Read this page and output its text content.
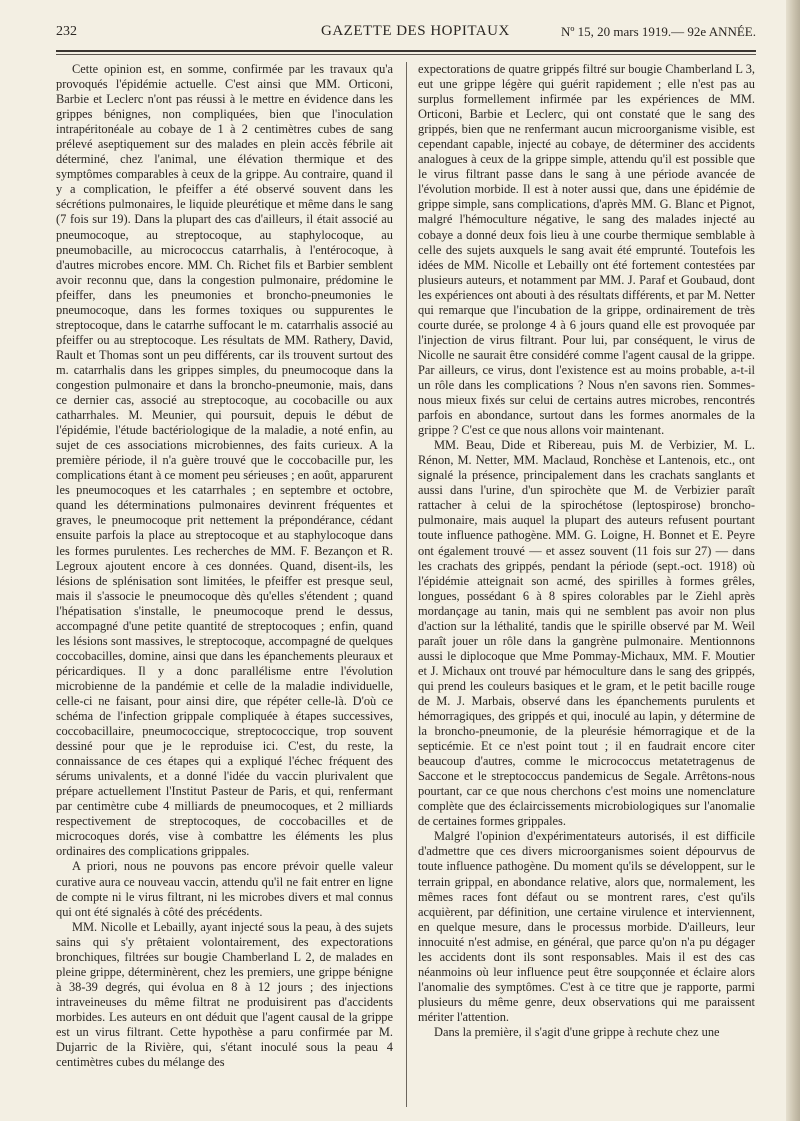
232	GAZETTE DES HOPITAUX	Nº 15, 20 mars 1919.— 92e ANNÉE.

Cette opinion est, en somme, confirmée par les travaux qu'a provoqués l'épidémie actuelle. C'est ainsi que MM. Orticoni, Barbie et Leclerc n'ont pas réussi à le mettre en évidence dans les grippes bénignes, non compliquées, bien que l'inoculation intrapéritonéale au cobaye de 1 à 2 centimètres cubes de sang prélevé aseptiquement sur des malades en plein accès fébrile ait déterminé, chez l'animal, une élévation thermique et des symptômes comparables à ceux de la grippe. Au contraire, quand il y a complication, le pfeiffer a été observé souvent dans les sécrétions pulmonaires, le liquide pleurétique et même dans le sang (7 fois sur 19). Dans la plupart des cas d'ailleurs, il était associé au pneumocoque, au streptocoque, au staphylocoque, au pneumobacille, au micrococcus catarrhalis, à l'entérocoque, à d'autres microbes encore. MM. Ch. Richet fils et Barbier semblent avoir reconnu que, dans la congestion pulmonaire, prédomine le pfeiffer, dans les pneumonies et broncho-pneumonies le pneumocoque, dans les formes toxiques ou suppurentes le streptocoque, dans le catarrhe suffocant le m. catarrhalis associé au pfeiffer ou au streptocoque. Les résultats de MM. Rathery, David, Rault et Thomas sont un peu différents, car ils trouvent surtout des m. catarrhalis dans les grippes simples, du pneumocoque dans la congestion pulmonaire et dans la broncho-pneumonie, mais, dans ce dernier cas, associé au streptocoque, au cocobacille ou aux catharrhales. M. Meunier, qui poursuit, depuis le début de l'épidémie, l'étude bactériologique de la maladie, a noté enfin, au sujet de ces associations microbiennes, des faits curieux. A la première période, il n'a guère trouvé que le coccobacille pur, les complications étant à ce moment peu sérieuses ; en août, apparurent les pneumocoques et les catarrhales ; en septembre et octobre, quand les déterminations pulmonaires devinrent fréquentes et graves, le pneumocoque prit nettement la prépondérance, cédant ensuite parfois la place au streptocoque et au staphylocoque dans les formes purulentes. Les recherches de MM. F. Bezançon et R. Legroux ajoutent encore à ces données. Quand, disent-ils, les lésions de splénisation sont limitées, le pfeiffer est presque seul, mais il s'associe le pneumocoque dès qu'elles s'étendent ; quand l'hépatisation s'installe, le pneumocoque prend le dessus, accompagné d'une petite quantité de streptocoques ; enfin, quand les lésions sont massives, le streptocoque, accompagné de quelques coccobacilles, domine, ainsi que dans les épanchements pleuraux et péricardiques. Il y a donc parallélisme entre l'évolution microbienne de la pandémie et celle de la maladie individuelle, celle-ci ne faisant, pour ainsi dire, que répéter celle-là. D'où ce schéma de l'infection grippale compliquée à étapes successives, coccobacillaire, pneumococcique, streptococcique, trop souvent dessiné pour que je le reproduise ici. C'est, du reste, la connaissance de ces étapes qui a expliqué l'échec fréquent des sérums univalents, et a donné l'idée du vaccin plurivalent que prépare actuellement l'Institut Pasteur de Paris, et qui, renfermant par centimètre cube 4 milliards de pneumocoques, et 2 milliards respectivement de streptocoques, de coccobacilles et de microcoques dorés, vise à combattre les éléments les plus ordinaires des complications grippales.

A priori, nous ne pouvons pas encore prévoir quelle valeur curative aura ce nouveau vaccin, attendu qu'il ne fait entrer en ligne de compte ni le virus filtrant, ni les microbes divers et mal connus qui ont été signalés à côté des précédents.

MM. Nicolle et Lebailly, ayant injecté sous la peau, à des sujets sains qui s'y prêtaient volontairement, des expectorations bronchiques, filtrées sur bougie Chamberland L 2, de malades en pleine grippe, déterminèrent, chez les premiers, une grippe bénigne à 38-39 degrés, qui évolua en 8 à 12 jours ; des injections intraveineuses du même filtrat ne produisirent pas d'accidents morbides. Les auteurs en ont déduit que l'agent causal de la grippe est un virus filtrant. Cette hypothèse a paru confirmée par M. Dujarric de la Rivière, qui, s'étant inoculé sous la peau 4 centimètres cubes du mélange des

expectorations de quatre grippés filtré sur bougie Chamberland L 3, eut une grippe légère qui guérit rapidement ; elle n'est pas au surplus formellement infirmée par les expériences de MM. Orticoni, Barbie et Leclerc, qui ont constaté que le sang des grippés, bien que ne renfermant aucun microorganisme visible, est cependant capable, injecté au cobaye, de déterminer des accidents analogues à ceux de la grippe simple, attendu qu'il est possible que le virus filtrant passe dans le sang à une période avancée de l'évolution morbide. Il est à noter aussi que, dans une épidémie de grippe simple, sans complications, d'après MM. G. Blanc et Pignot, malgré l'hémoculture négative, le sang des malades injecté au cobaye a donné deux fois lieu à une courbe thermique semblable à celle des sujets auxquels le sang avait été emprunté. Toutefois les idées de MM. Nicolle et Lebailly ont été fortement contestées par plusieurs auteurs, et notamment par MM. J. Paraf et Goubaud, dont les expériences ont abouti à des résultats différents, et par M. Netter qui remarque que l'incubation de la grippe, ordinairement de très courte durée, se prolonge 4 à 6 jours quand elle est provoquée par l'injection de virus filtrant. Pour lui, par conséquent, le virus de Nicolle ne saurait être considéré comme l'agent causal de la grippe. Par ailleurs, ce virus, dont l'existence est au moins probable, a-t-il un rôle dans les complications ? Nous n'en savons rien. Sommes-nous mieux fixés sur celui de certains autres microbes, rencontrés parfois en abondance, surtout dans les formes anormales de la grippe ? C'est ce que nous allons voir maintenant.

MM. Beau, Dide et Ribereau, puis M. de Verbizier, M. L. Rénon, M. Netter, MM. Maclaud, Ronchèse et Lantenois, etc., ont signalé la présence, principalement dans les crachats sanglants et aussi dans l'urine, d'un spirochète que M. de Verbizier paraît rattacher à celui de la spirochétose (leptospirose) broncho-pulmonaire, mais auquel la plupart des auteurs refusent pourtant toute influence pathogène. MM. G. Loigne, H. Bonnet et E. Peyre ont également trouvé — et assez souvent (11 fois sur 27) — dans les crachats des grippés, pendant la période (sept.-oct. 1918) où l'épidémie atteignait son acmé, des spirilles à formes grêles, longues, possédant 6 à 8 spires colorables par le Ziehl après mordançage au tanin, mais qui ne semblent pas avoir non plus d'action sur la léthalité, tandis que le spirille observé par M. Weil paraît jouer un rôle dans la gangrène pulmonaire. Mentionnons aussi le diplocoque que Mme Pommay-Michaux, MM. F. Moutier et J. Michaux ont trouvé par hémoculture dans le sang des grippés, qui prend les couleurs basiques et le gram, et le petit bacille rouge de M. J. Marbais, observé dans les épanchements purulents et hémorragiques, des grippés et qui, inoculé au lapin, y détermine de la broncho-pneumonie, de la pleurésie hémorragique et de la septicémie. Et ce n'est point tout ; il en faudrait encore citer beaucoup d'autres, comme le micrococcus metatetragenus de Saccone et le streptococcus pandemicus de Segale. Arrêtons-nous pourtant, car ce que nous cherchons c'est moins une nomenclature complète que des éclaircissements microbiologiques sur l'anomalie de certaines formes grippales.

Malgré l'opinion d'expérimentateurs autorisés, il est difficile d'admettre que ces divers microorganismes soient dépourvus de toute influence pathogène. Du moment qu'ils se développent, sur le terrain grippal, en abondance relative, alors que, normalement, les mêmes races font défaut ou se montrent rares, c'est qu'ils acquièrent, par définition, une certaine virulence et interviennent, en quelque mesure, dans le processus morbide. D'ailleurs, leur innocuité n'est admise, en général, que parce qu'on n'a pu dégager les accidents dont ils sont responsables. Mais il est des cas néanmoins où leur influence peut être soupçonnée et éclaire alors l'anomalie des symptômes. C'est à ce titre que je rapporte, parmi plusieurs du même genre, deux observations qui me paraissent mériter l'attention.

Dans la première, il s'agit d'une grippe à rechute chez une
